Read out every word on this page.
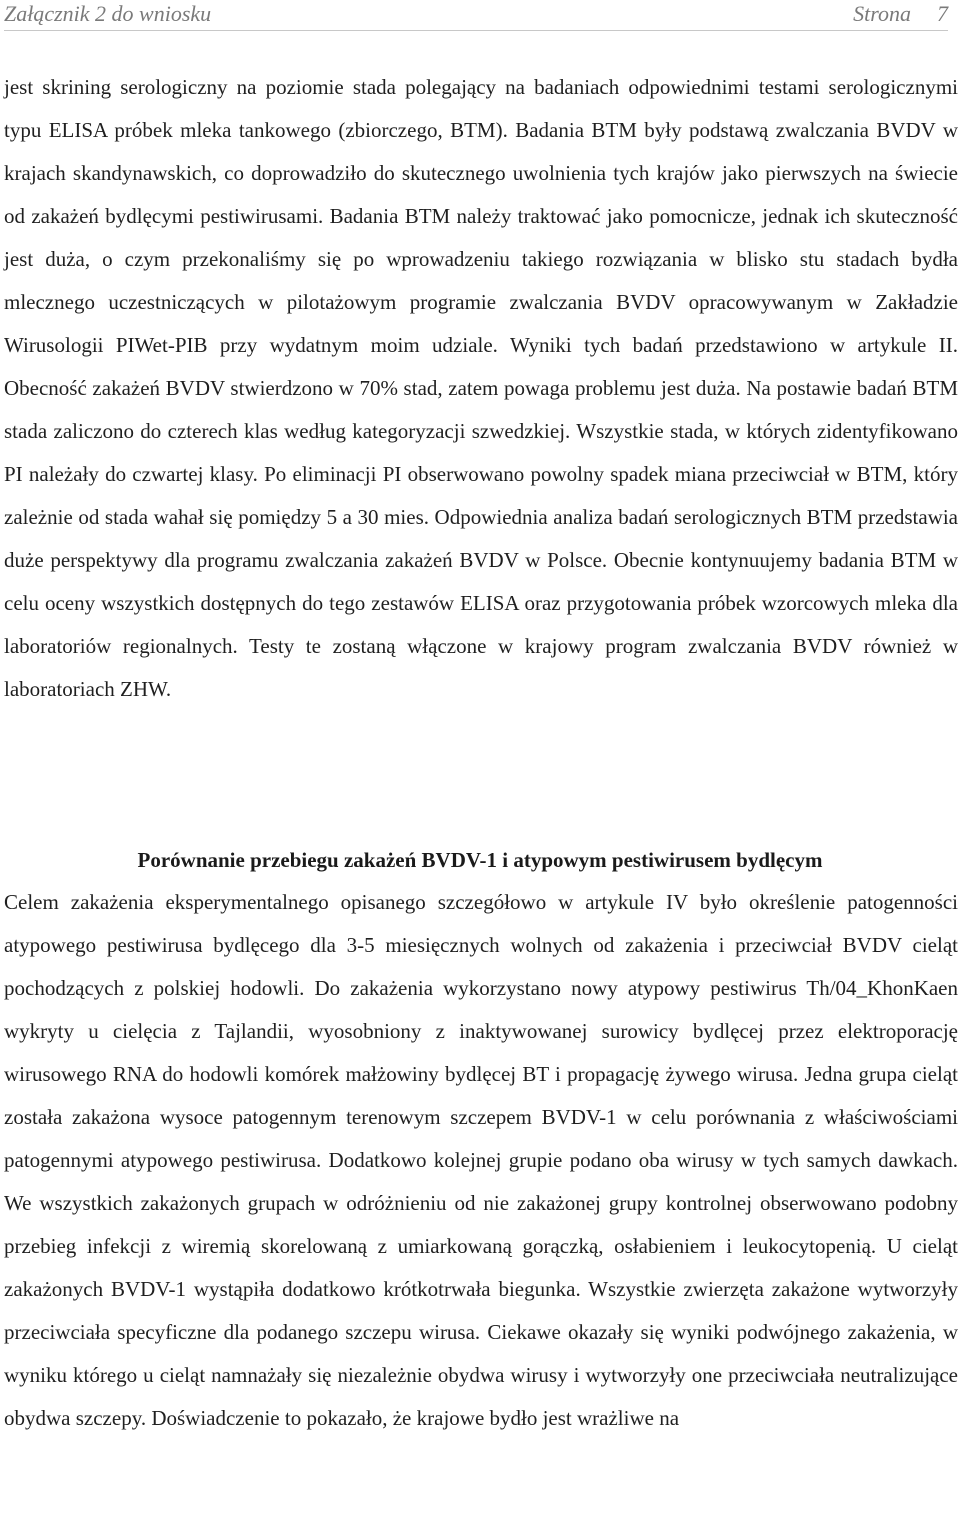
Załącznik 2 do wniosku	Strona 7

jest skrining serologiczny na poziomie stada polegający na badaniach odpowiednimi testami serologicznymi typu ELISA próbek mleka tankowego (zbiorczego, BTM). Badania BTM były podstawą zwalczania BVDV w krajach skandynawskich, co doprowadziło do skutecznego uwolnienia tych krajów jako pierwszych na świecie od zakażeń bydlęcymi pestiwirusami. Badania BTM należy traktować jako pomocnicze, jednak ich skuteczność jest duża, o czym przekonaliśmy się po wprowadzeniu takiego rozwiązania w blisko stu stadach bydła mlecznego uczestniczących w pilotażowym programie zwalczania BVDV opracowywanym w Zakładzie Wirusologii PIWet-PIB przy wydatnym moim udziale. Wyniki tych badań przedstawiono w artykule II. Obecność zakażeń BVDV stwierdzono w 70% stad, zatem powaga problemu jest duża. Na postawie badań BTM stada zaliczono do czterech klas według kategoryzacji szwedzkiej. Wszystkie stada, w których zidentyfikowano PI należały do czwartej klasy. Po eliminacji PI obserwowano powolny spadek miana przeciwciał w BTM, który zależnie od stada wahał się pomiędzy 5 a 30 mies. Odpowiednia analiza badań serologicznych BTM przedstawia duże perspektywy dla programu zwalczania zakażeń BVDV w Polsce. Obecnie kontynuujemy badania BTM w celu oceny wszystkich dostępnych do tego zestawów ELISA oraz przygotowania próbek wzorcowych mleka dla laboratoriów regionalnych. Testy te zostaną włączone w krajowy program zwalczania BVDV również w laboratoriach ZHW.

Porównanie przebiegu zakażeń BVDV-1 i atypowym pestiwirusem bydlęcym

Celem zakażenia eksperymentalnego opisanego szczegółowo w artykule IV było określenie patogenności atypowego pestiwirusa bydlęcego dla 3-5 miesięcznych wolnych od zakażenia i przeciwciał BVDV cieląt pochodzących z polskiej hodowli. Do zakażenia wykorzystano nowy atypowy pestiwirus Th/04_KhonKaen wykryty u cielęcia z Tajlandii, wyosobniony z inaktywowanej surowicy bydlęcej przez elektroporację wirusowego RNA do hodowli komórek małżowiny bydlęcej BT i propagację żywego wirusa. Jedna grupa cieląt została zakażona wysoce patogennym terenowym szczepem BVDV-1 w celu porównania z właściwościami patogennymi atypowego pestiwirusa. Dodatkowo kolejnej grupie podano oba wirusy w tych samych dawkach. We wszystkich zakażonych grupach w odróżnieniu od nie zakażonej grupy kontrolnej obserwowano podobny przebieg infekcji z wiremią skorelowaną z umiarkowaną gorączką, osłabieniem i leukocytopenią. U cieląt zakażonych BVDV-1 wystąpiła dodatkowo krótkotrwała biegunka. Wszystkie zwierzęta zakażone wytworzyły przeciwciała specyficzne dla podanego szczepu wirusa. Ciekawe okazały się wyniki podwójnego zakażenia, w wyniku którego u cieląt namnażały się niezależnie obydwa wirusy i wytworzyły one przeciwciała neutralizujące obydwa szczepy. Doświadczenie to pokazało, że krajowe bydło jest wrażliwe na
